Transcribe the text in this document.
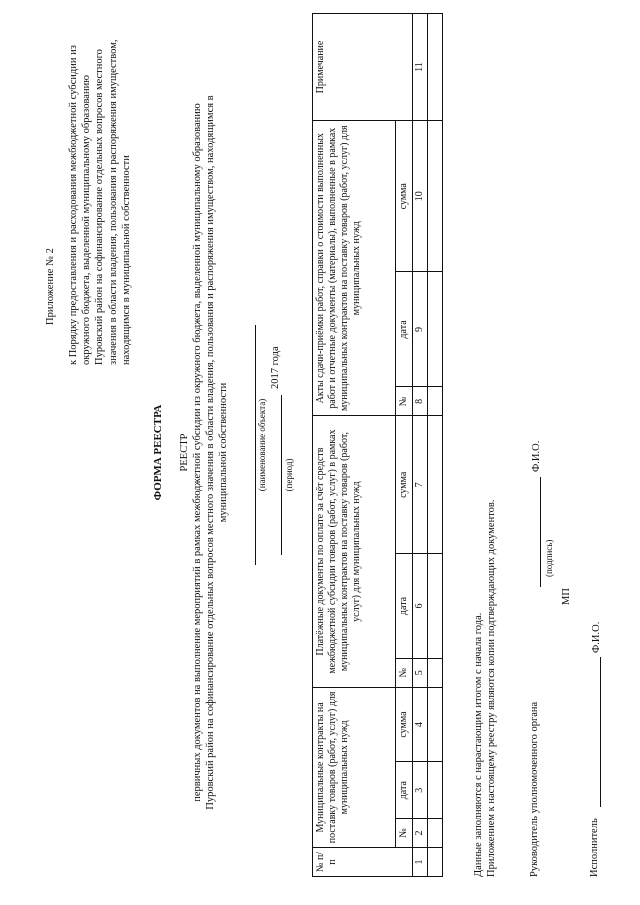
Приложение № 2 к Порядку предоставления и расходования межбюджетной субсидии из окружного бюджета, выделенной муниципальному образованию Пуровский район на софинансирование отдельных вопросов местного значения в области владения, пользования и распоряжения имуществом, находящимся в муниципальной собственности

ФОРМА РЕЕСТРА РЕЕСТР первичных документов на выполнение мероприятий в рамках межбюджетной субсидии из окружного бюджета, выделенной муниципальному образованию Пуровский район на софинансирование отдельных вопросов местного значения в области владения, пользования и распоряжения имуществом, находящимся в муниципальной собственности	(наименование объекта)
2017 года
(период)
№ п/п	Муниципальные контракты на поставку товаров (работ, услуг) для муниципальных нужд			Платёжные документы по оплате за счёт средств межбюджетной субсидии товаров (работ, услуг) в рамках муниципальных контрактов на поставку товаров (работ, услуг) для муниципальных нужд			Акты сдачи-приёмки работ, справки о стоимости выполненных работ и отчетные документы (материалы), выполненные в рамках муниципальных контрактов на поставку товаров (работ, услуг) для муниципальных нужд			Примечание
	№	дата	сумма	№	дата	сумма	№	дата	сумма	
1	2	3	4	5	6	7	8	9	10	11

Данные заполняются с нарастающим итогом с начала года. Приложением к настоящему реестру являются копии подтверждающих документов.	Руководитель уполномоченного органа
Ф.И.О.
(подпись)
МП
Исполнитель
Ф.И.О.
